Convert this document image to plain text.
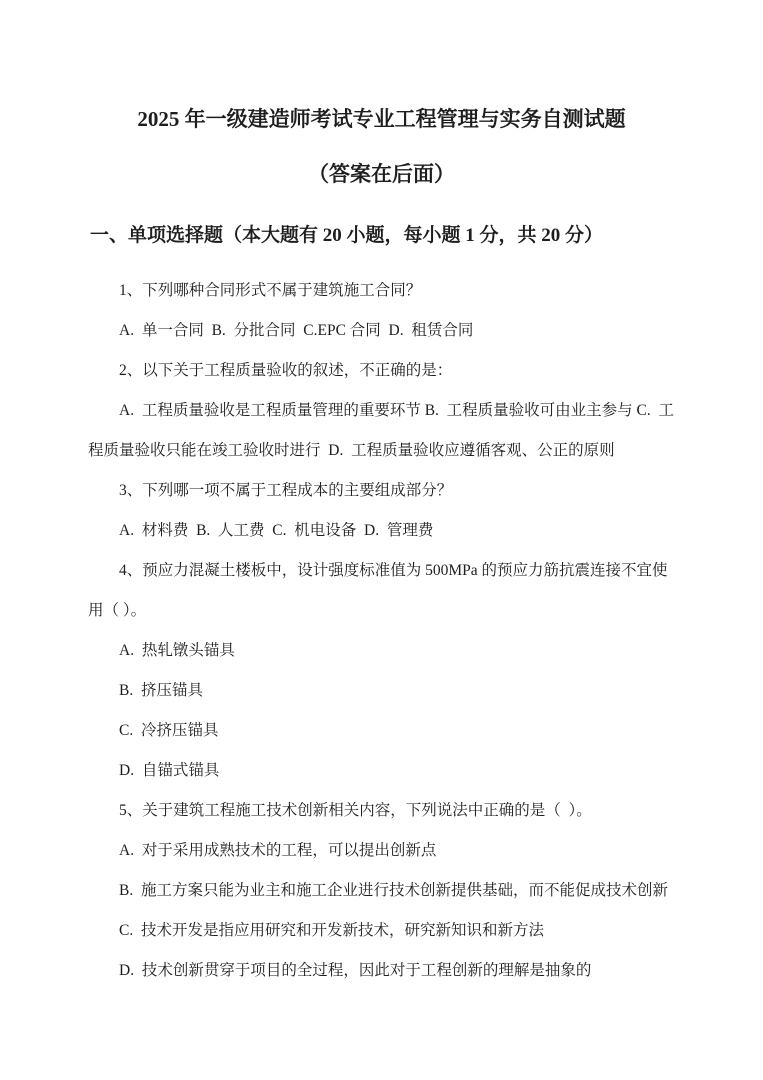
2025 年一级建造师考试专业工程管理与实务自测试题
（答案在后面）
一、单项选择题（本大题有 20 小题，每小题 1 分，共 20 分）

1、下列哪种合同形式不属于建筑施工合同？

A.  单一合同  B.  分批合同  C.EPC 合同  D.  租赁合同

2、以下关于工程质量验收的叙述，不正确的是：

A.  工程质量验收是工程质量管理的重要环节 B.  工程质量验收可由业主参与 C.  工程质量验收只能在竣工验收时进行  D.  工程质量验收应遵循客观、公正的原则

3、下列哪一项不属于工程成本的主要组成部分？

A.  材料费  B.  人工费  C.  机电设备  D.  管理费

4、预应力混凝土楼板中，设计强度标准值为 500MPa 的预应力筋抗震连接不宜使用（ ）。

A.  热轧镦头锚具

B.  挤压锚具

C.  冷挤压锚具

D.  自锚式锚具

5、关于建筑工程施工技术创新相关内容，下列说法中正确的是（  ）。

A.  对于采用成熟技术的工程，可以提出创新点

B.  施工方案只能为业主和施工企业进行技术创新提供基础，而不能促成技术创新

C.  技术开发是指应用研究和开发新技术，研究新知识和新方法

D.  技术创新贯穿于项目的全过程，因此对于工程创新的理解是抽象的
